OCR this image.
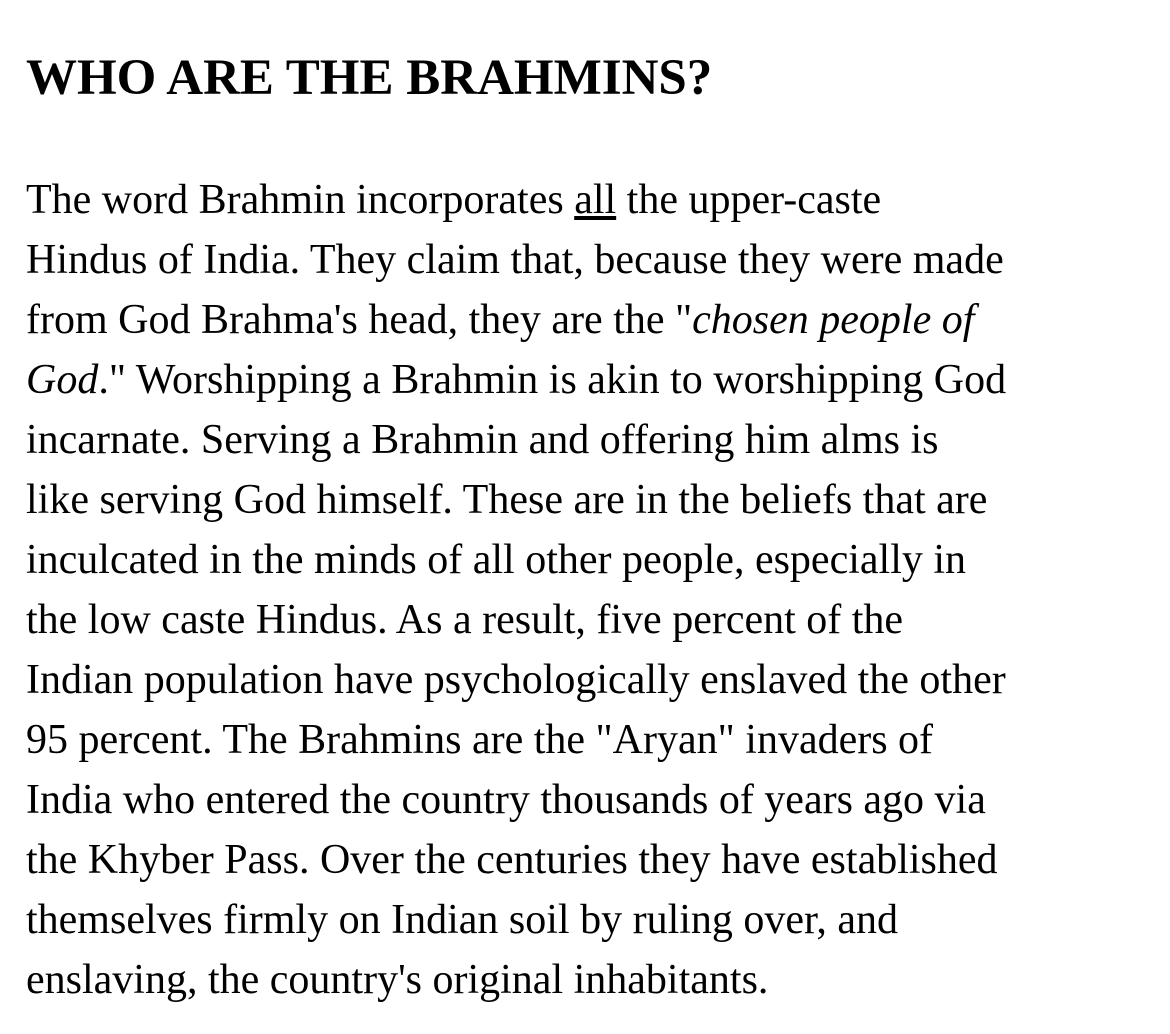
WHO ARE THE BRAHMINS?
The word Brahmin incorporates all the upper-caste
Hindus of India. They claim that, because they were made
from God Brahma's head, they are the "chosen people of
God." Worshipping a Brahmin is akin to worshipping God
incarnate. Serving a Brahmin and offering him alms is
like serving God himself. These are in the beliefs that are
inculcated in the minds of all other people, especially in
the low caste Hindus. As a result, five percent of the
Indian population have psychologically enslaved the other
95 percent. The Brahmins are the "Aryan" invaders of
India who entered the country thousands of years ago via
the Khyber Pass. Over the centuries they have established
themselves firmly on Indian soil by ruling over, and
enslaving, the country's original inhabitants.
